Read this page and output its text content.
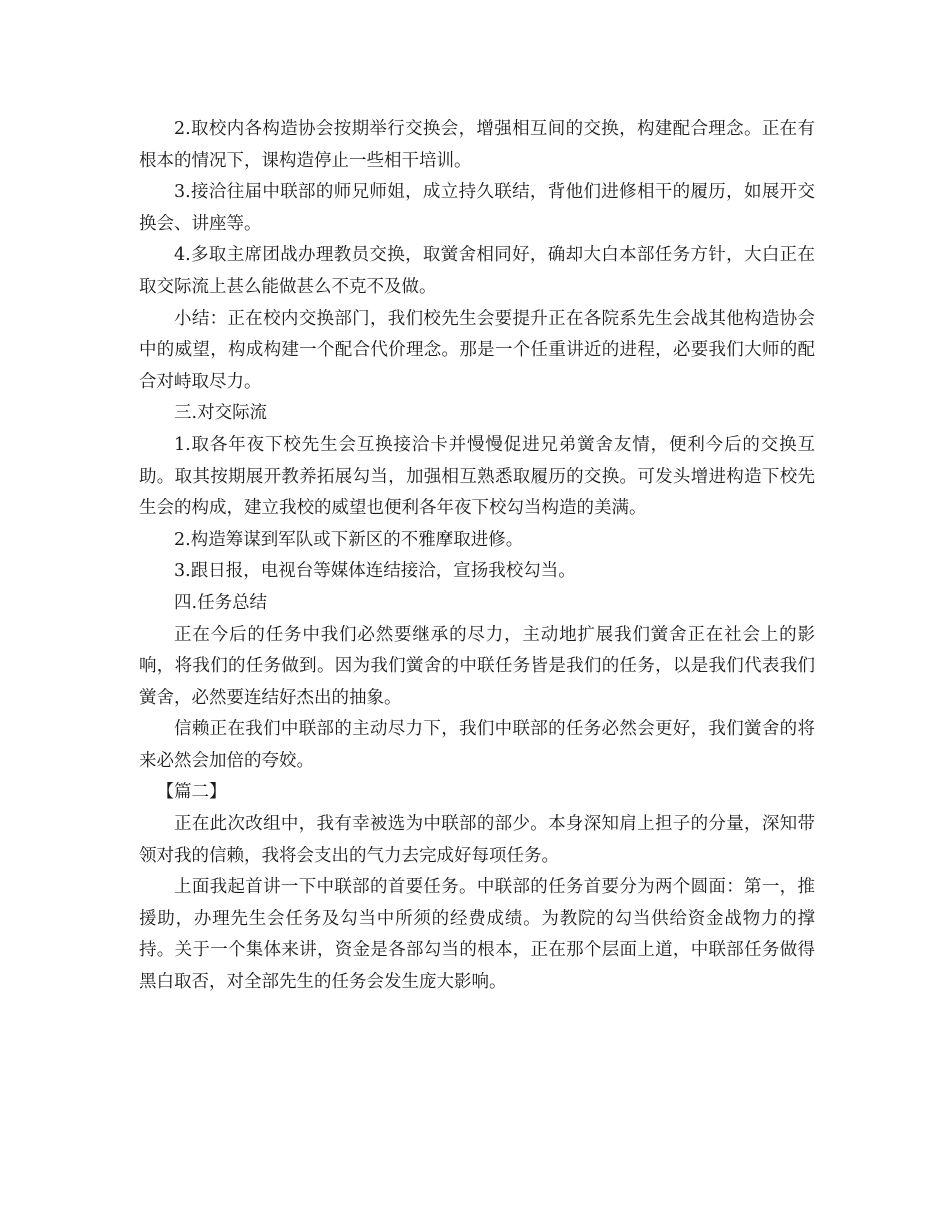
2.取校内各构造协会按期举行交换会，增强相互间的交换，构建配合理念。正在有根本的情况下，课构造停止一些相干培训。

3.接洽往届中联部的师兄师姐，成立持久联结，背他们进修相干的履历，如展开交换会、讲座等。

4.多取主席团战办理教员交换，取黉舍相同好，确却大白本部任务方针，大白正在取交际流上甚么能做甚么不克不及做。

小结：正在校内交换部门，我们校先生会要提升正在各院系先生会战其他构造协会中的威望，构成构建一个配合代价理念。那是一个任重讲近的进程，必要我们大师的配合对峙取尽力。

三.对交际流

1.取各年夜下校先生会互换接洽卡并慢慢促进兄弟黉舍友情，便利今后的交换互助。取其按期展开教养拓展勾当，加强相互熟悉取履历的交换。可发头增进构造下校先生会的构成，建立我校的威望也便利各年夜下校勾当构造的美满。

2.构造筹谋到军队或下新区的不雅摩取进修。

3.跟日报，电视台等媒体连结接洽，宣扬我校勾当。

四.任务总结

正在今后的任务中我们必然要继承的尽力，主动地扩展我们黉舍正在社会上的影响，将我们的任务做到。因为我们黉舍的中联任务皆是我们的任务，以是我们代表我们黉舍，必然要连结好杰出的抽象。

信赖正在我们中联部的主动尽力下，我们中联部的任务必然会更好，我们黉舍的将来必然会加倍的夸姣。

【篇二】

正在此次改组中，我有幸被选为中联部的部少。本身深知肩上担子的分量，深知带领对我的信赖，我将会支出的气力去完成好每项任务。

上面我起首讲一下中联部的首要任务。中联部的任务首要分为两个圆面：第一，推援助，办理先生会任务及勾当中所须的经费成绩。为教院的勾当供给资金战物力的撑持。关于一个集体来讲，资金是各部勾当的根本，正在那个层面上道，中联部任务做得黑白取否，对全部先生的任务会发生庞大影响。
